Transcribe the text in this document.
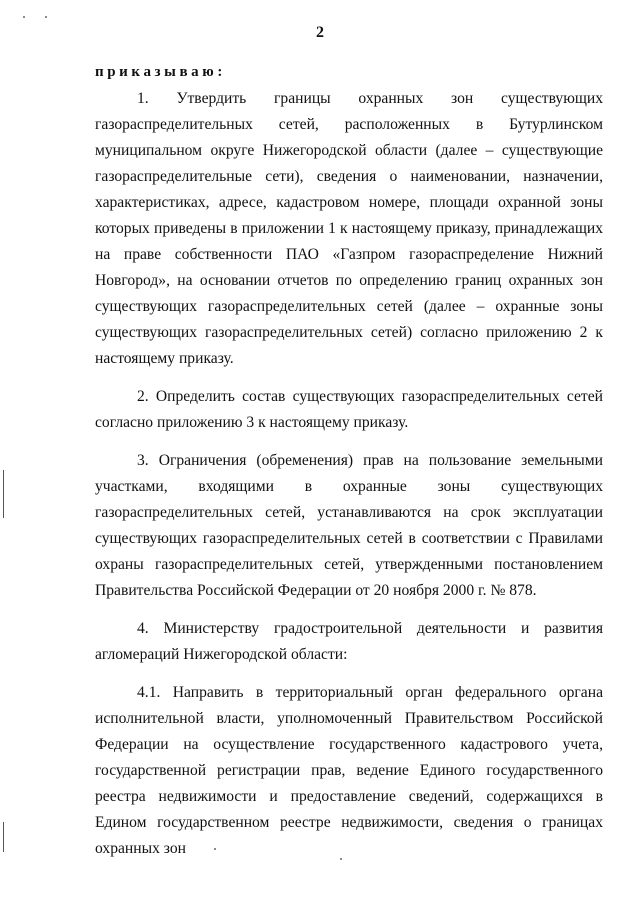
2
приказываю:

1. Утвердить границы охранных зон существующих газораспределительных сетей, расположенных в Бутурлинском муниципальном округе Нижегородской области (далее – существующие газораспределительные сети), сведения о наименовании, назначении, характеристиках, адресе, кадастровом номере, площади охранной зоны которых приведены в приложении 1 к настоящему приказу, принадлежащих на праве собственности ПАО «Газпром газораспределение Нижний Новгород», на основании отчетов по определению границ охранных зон существующих газораспределительных сетей (далее – охранные зоны существующих газораспределительных сетей) согласно приложению 2 к настоящему приказу.

2. Определить состав существующих газораспределительных сетей согласно приложению 3 к настоящему приказу.

3. Ограничения (обременения) прав на пользование земельными участками, входящими в охранные зоны существующих газораспределительных сетей, устанавливаются на срок эксплуатации существующих газораспределительных сетей в соответствии с Правилами охраны газораспределительных сетей, утвержденными постановлением Правительства Российской Федерации от 20 ноября 2000 г. № 878.

4. Министерству градостроительной деятельности и развития агломераций Нижегородской области:

4.1. Направить в территориальный орган федерального органа исполнительной власти, уполномоченный Правительством Российской Федерации на осуществление государственного кадастрового учета, государственной регистрации прав, ведение Единого государственного реестра недвижимости и предоставление сведений, содержащихся в Едином государственном реестре недвижимости, сведения о границах охранных зон
